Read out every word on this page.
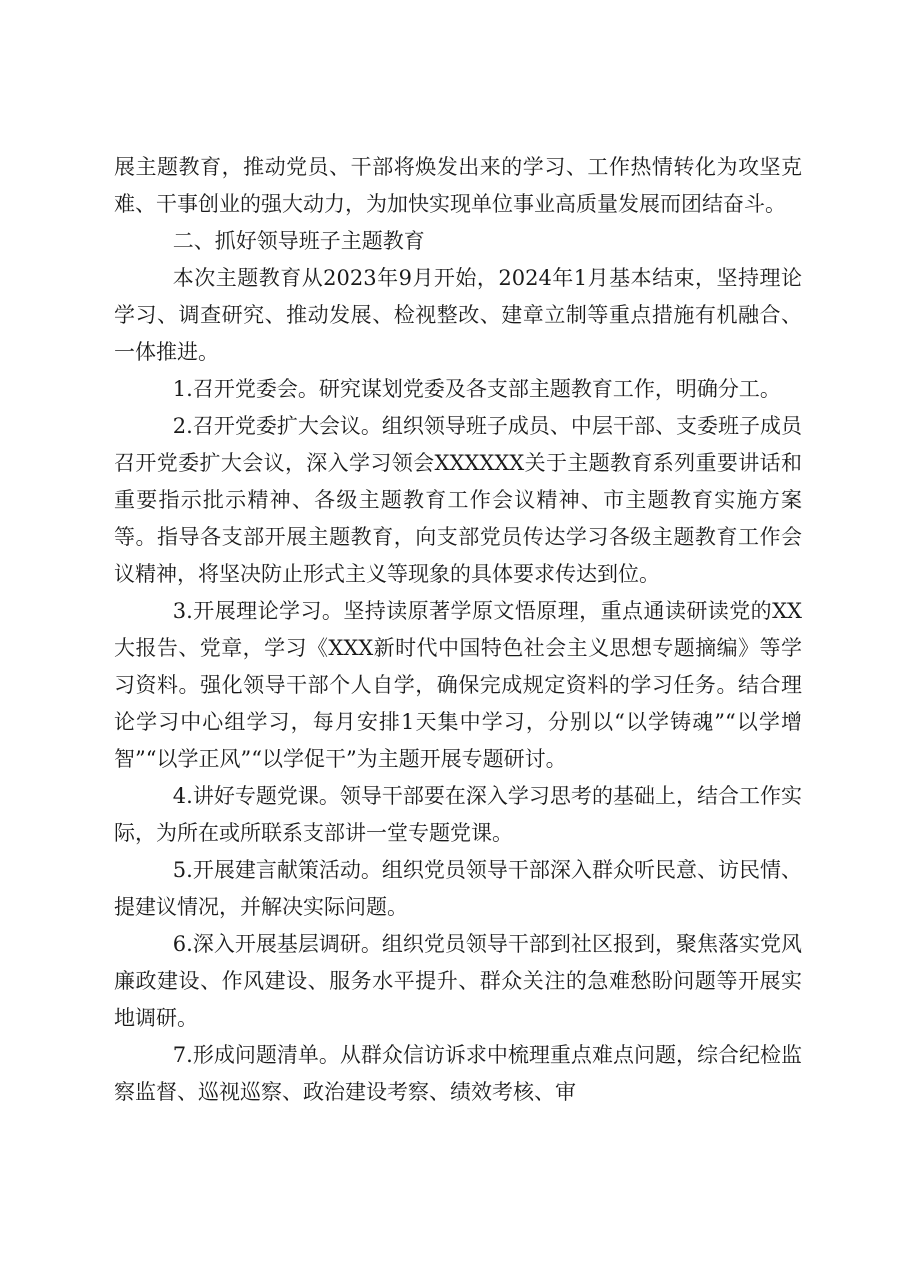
展主题教育，推动党员、干部将焕发出来的学习、工作热情转化为攻坚克难、干事创业的强大动力，为加快实现单位事业高质量发展而团结奋斗。

二、抓好领导班子主题教育

本次主题教育从2023年9月开始，2024年1月基本结束，坚持理论学习、调查研究、推动发展、检视整改、建章立制等重点措施有机融合、一体推进。

1.召开党委会。研究谋划党委及各支部主题教育工作，明确分工。

2.召开党委扩大会议。组织领导班子成员、中层干部、支委班子成员召开党委扩大会议，深入学习领会XXXXXX关于主题教育系列重要讲话和重要指示批示精神、各级主题教育工作会议精神、市主题教育实施方案等。指导各支部开展主题教育，向支部党员传达学习各级主题教育工作会议精神，将坚决防止形式主义等现象的具体要求传达到位。

3.开展理论学习。坚持读原著学原文悟原理，重点通读研读党的XX大报告、党章，学习《XXX新时代中国特色社会主义思想专题摘编》等学习资料。强化领导干部个人自学，确保完成规定资料的学习任务。结合理论学习中心组学习，每月安排1天集中学习，分别以“以学铸魂”“以学增智”“以学正风”“以学促干”为主题开展专题研讨。

4.讲好专题党课。领导干部要在深入学习思考的基础上，结合工作实际，为所在或所联系支部讲一堂专题党课。

5.开展建言献策活动。组织党员领导干部深入群众听民意、访民情、提建议情况，并解决实际问题。

6.深入开展基层调研。组织党员领导干部到社区报到，聚焦落实党风廉政建设、作风建设、服务水平提升、群众关注的急难愁盼问题等开展实地调研。

7.形成问题清单。从群众信访诉求中梳理重点难点问题，综合纪检监察监督、巡视巡察、政治建设考察、绩效考核、审
